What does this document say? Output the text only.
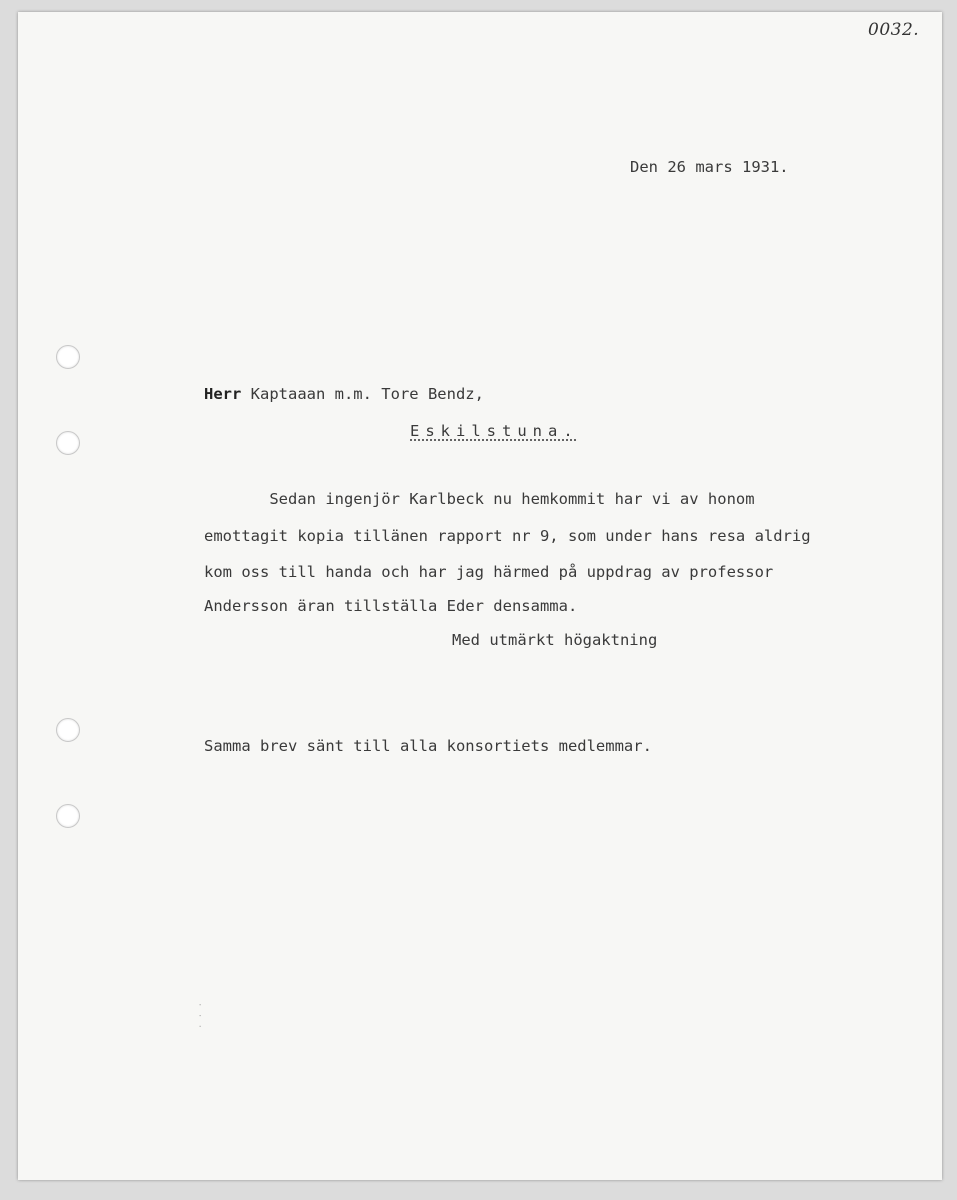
0032.
Den 26 mars 1931.
Herr Kaptaaan m.m. Tore Bendz,
Eskilstuna.
Sedan ingenjör Karlbeck nu hemkommit har vi av honom
emottagit kopia tillänen rapport nr 9, som under hans resa aldrig
kom oss till handa och har jag härmed på uppdrag av professor
Andersson äran tillställa Eder densamma.
Med utmärkt högaktning
Samma brev sänt till alla konsortiets medlemmar.
· · ·
